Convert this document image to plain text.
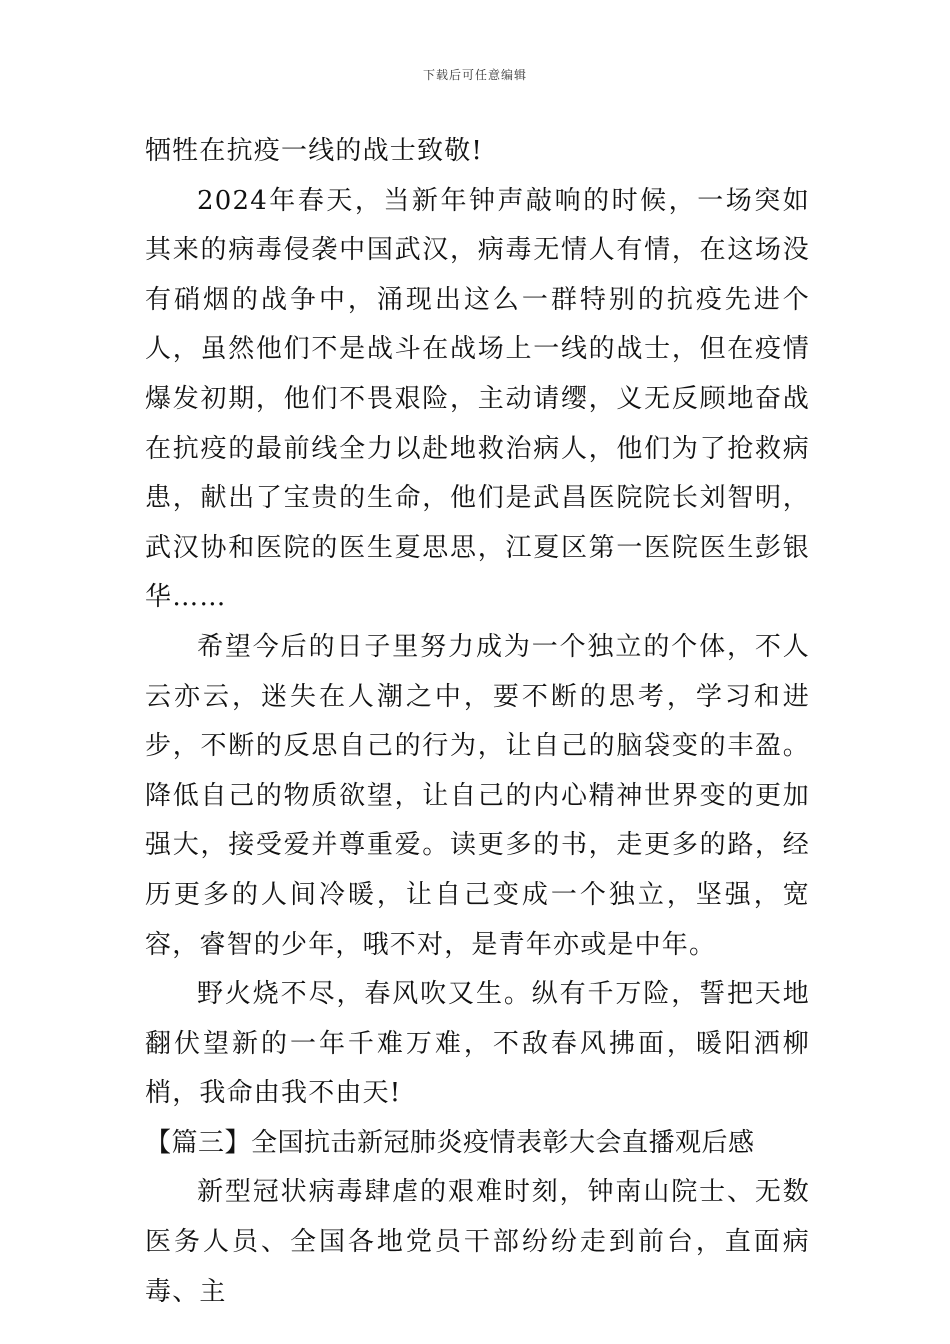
下载后可任意编辑

牺牲在抗疫一线的战士致敬!

2024年春天，当新年钟声敲响的时候，一场突如其来的病毒侵袭中国武汉，病毒无情人有情，在这场没有硝烟的战争中，涌现出这么一群特别的抗疫先进个人，虽然他们不是战斗在战场上一线的战士，但在疫情爆发初期，他们不畏艰险，主动请缨，义无反顾地奋战在抗疫的最前线全力以赴地救治病人，他们为了抢救病患，献出了宝贵的生命，他们是武昌医院院长刘智明，武汉协和医院的医生夏思思，江夏区第一医院医生彭银华……

希望今后的日子里努力成为一个独立的个体，不人云亦云，迷失在人潮之中，要不断的思考，学习和进步，不断的反思自己的行为，让自己的脑袋变的丰盈。降低自己的物质欲望，让自己的内心精神世界变的更加强大，接受爱并尊重爱。读更多的书，走更多的路，经历更多的人间冷暖，让自己变成一个独立，坚强，宽容，睿智的少年，哦不对，是青年亦或是中年。

野火烧不尽，春风吹又生。纵有千万险，誓把天地翻伏望新的一年千难万难，不敌春风拂面，暖阳洒柳梢，我命由我不由天!

【篇三】全国抗击新冠肺炎疫情表彰大会直播观后感

新型冠状病毒肆虐的艰难时刻，钟南山院士、无数医务人员、全国各地党员干部纷纷走到前台，直面病毒、主
